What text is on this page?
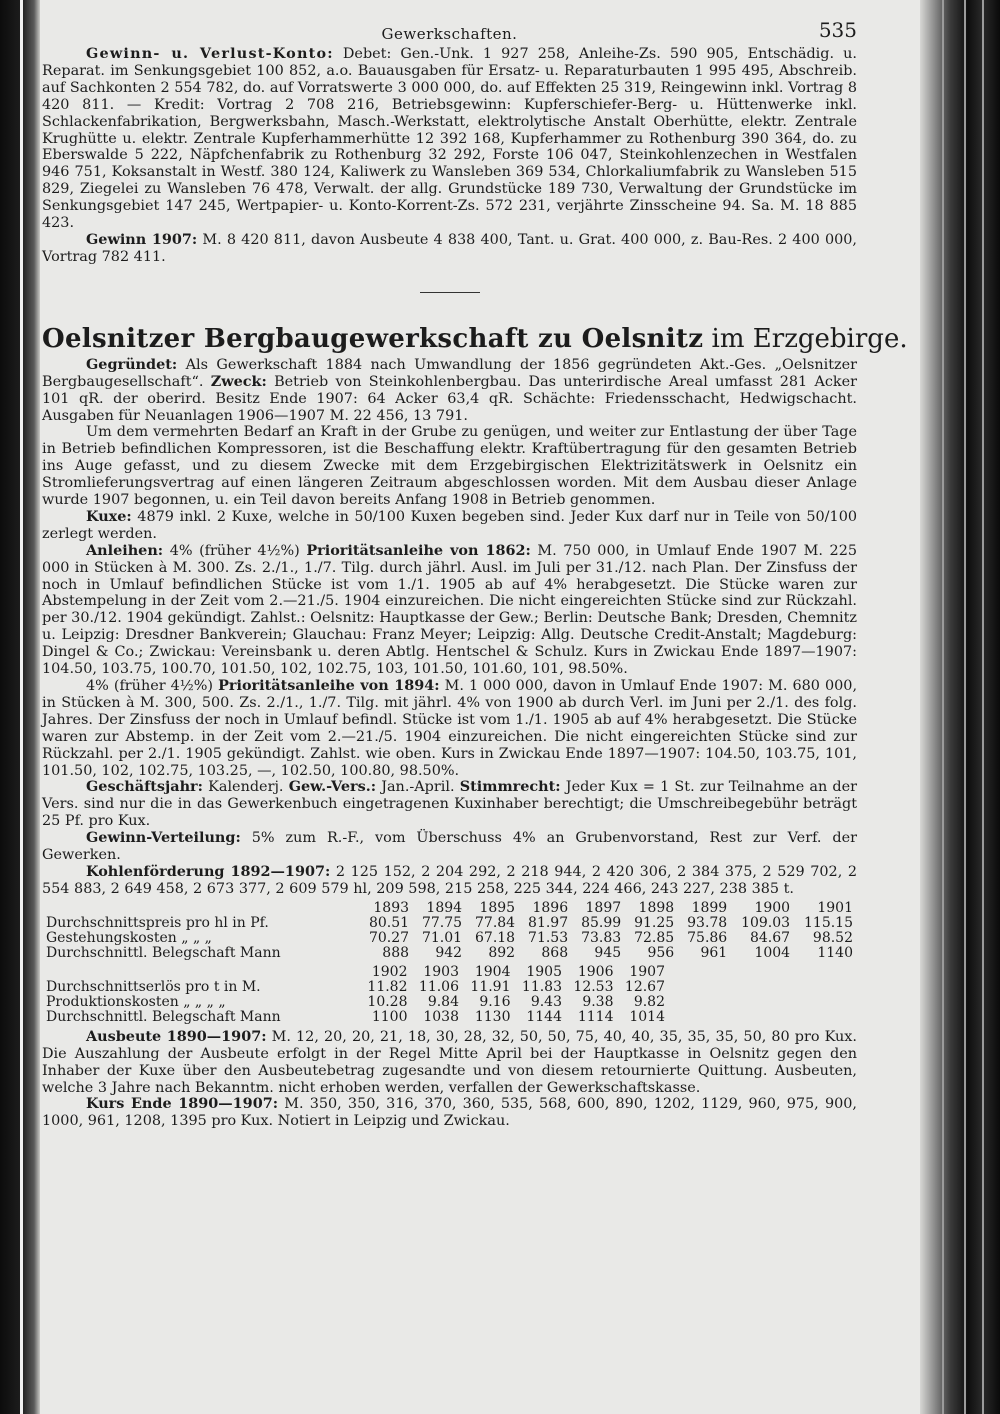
Gewerkschaften.	535

Gewinn- u. Verlust-Konto: Debet: Gen.-Unk. 1 927 258, Anleihe-Zs. 590 905, Entschädig. u. Reparat. im Senkungsgebiet 100 852, a.o. Bauausgaben für Ersatz- u. Reparaturbauten 1 995 495, Abschreib. auf Sachkonten 2 554 782, do. auf Vorratswerte 3 000 000, do. auf Effekten 25 319, Reingewinn inkl. Vortrag 8 420 811. — Kredit: Vortrag 2 708 216, Betriebsgewinn: Kupferschiefer-Berg- u. Hüttenwerke inkl. Schlackenfabrikation, Bergwerksbahn, Masch.-Werkstatt, elektrolytische Anstalt Oberhütte, elektr. Zentrale Krughütte u. elektr. Zentrale Kupferhammerhütte 12 392 168, Kupferhammer zu Rothenburg 390 364, do. zu Eberswalde 5 222, Näpfchenfabrik zu Rothenburg 32 292, Forste 106 047, Steinkohlenzechen in Westfalen 946 751, Koksanstalt in Westf. 380 124, Kaliwerk zu Wansleben 369 534, Chlorkaliumfabrik zu Wansleben 515 829, Ziegelei zu Wansleben 76 478, Verwalt. der allg. Grundstücke 189 730, Verwaltung der Grundstücke im Senkungsgebiet 147 245, Wertpapier- u. Konto-Korrent-Zs. 572 231, verjährte Zinsscheine 94. Sa. M. 18 885 423.

Gewinn 1907: M. 8 420 811, davon Ausbeute 4 838 400, Tant. u. Grat. 400 000, z. Bau-Res. 2 400 000, Vortrag 782 411.

Oelsnitzer Bergbaugewerkschaft zu Oelsnitz im Erzgebirge.

Gegründet: Als Gewerkschaft 1884 nach Umwandlung der 1856 gegründeten Akt.-Ges. „Oelsnitzer Bergbaugesellschaft“. Zweck: Betrieb von Steinkohlenbergbau. Das unterirdische Areal umfasst 281 Acker 101 qR. der oberird. Besitz Ende 1907: 64 Acker 63,4 qR. Schächte: Friedensschacht, Hedwigschacht. Ausgaben für Neuanlagen 1906—1907 M. 22 456, 13 791.

Um dem vermehrten Bedarf an Kraft in der Grube zu genügen, und weiter zur Entlastung der über Tage in Betrieb befindlichen Kompressoren, ist die Beschaffung elektr. Kraftübertragung für den gesamten Betrieb ins Auge gefasst, und zu diesem Zwecke mit dem Erzgebirgischen Elektrizitätswerk in Oelsnitz ein Stromlieferungsvertrag auf einen längeren Zeitraum abgeschlossen worden. Mit dem Ausbau dieser Anlage wurde 1907 begonnen, u. ein Teil davon bereits Anfang 1908 in Betrieb genommen.

Kuxe: 4879 inkl. 2 Kuxe, welche in 50/100 Kuxen begeben sind. Jeder Kux darf nur in Teile von 50/100 zerlegt werden.

Anleihen: 4% (früher 4½%) Prioritätsanleihe von 1862: M. 750 000, in Umlauf Ende 1907 M. 225 000 in Stücken à M. 300. Zs. 2./1., 1./7. Tilg. durch jährl. Ausl. im Juli per 31./12. nach Plan. Der Zinsfuss der noch in Umlauf befindlichen Stücke ist vom 1./1. 1905 ab auf 4% herabgesetzt. Die Stücke waren zur Abstempelung in der Zeit vom 2.—21./5. 1904 einzureichen. Die nicht eingereichten Stücke sind zur Rückzahl. per 30./12. 1904 gekündigt. Zahlst.: Oelsnitz: Hauptkasse der Gew.; Berlin: Deutsche Bank; Dresden, Chemnitz u. Leipzig: Dresdner Bankverein; Glauchau: Franz Meyer; Leipzig: Allg. Deutsche Credit-Anstalt; Magdeburg: Dingel & Co.; Zwickau: Vereinsbank u. deren Abtlg. Hentschel & Schulz. Kurs in Zwickau Ende 1897—1907: 104.50, 103.75, 100.70, 101.50, 102, 102.75, 103, 101.50, 101.60, 101, 98.50%.

4% (früher 4½%) Prioritätsanleihe von 1894: M. 1 000 000, davon in Umlauf Ende 1907: M. 680 000, in Stücken à M. 300, 500. Zs. 2./1., 1./7. Tilg. mit jährl. 4% von 1900 ab durch Verl. im Juni per 2./1. des folg. Jahres. Der Zinsfuss der noch in Umlauf befindl. Stücke ist vom 1./1. 1905 ab auf 4% herabgesetzt. Die Stücke waren zur Abstemp. in der Zeit vom 2.—21./5. 1904 einzureichen. Die nicht eingereichten Stücke sind zur Rückzahl. per 2./1. 1905 gekündigt. Zahlst. wie oben. Kurs in Zwickau Ende 1897—1907: 104.50, 103.75, 101, 101.50, 102, 102.75, 103.25, —, 102.50, 100.80, 98.50%.

Geschäftsjahr: Kalenderj. Gew.-Vers.: Jan.-April. Stimmrecht: Jeder Kux = 1 St. zur Teilnahme an der Vers. sind nur die in das Gewerkenbuch eingetragenen Kuxinhaber berechtigt; die Umschreibegebühr beträgt 25 Pf. pro Kux.

Gewinn-Verteilung: 5% zum R.-F., vom Überschuss 4% an Grubenvorstand, Rest zur Verf. der Gewerken.

Kohlenförderung 1892—1907: 2 125 152, 2 204 292, 2 218 944, 2 420 306, 2 384 375, 2 529 702, 2 554 883, 2 649 458, 2 673 377, 2 609 579 hl, 209 598, 215 258, 225 344, 224 466, 243 227, 238 385 t.

	1893	1894	1895	1896	1897	1898	1899	1900	1901
Durchschnittspreis pro hl in Pf.	80.51	77.75	77.84	81.97	85.99	91.25	93.78	109.03	115.15
Gestehungskosten „ „ „	70.27	71.01	67.18	71.53	73.83	72.85	75.86	84.67	98.52
Durchschnittl. Belegschaft Mann	888	942	892	868	945	956	961	1004	1140
	1902	1903	1904	1905	1906	1907	
Durchschnittserlös pro t in M.	11.82	11.06	11.91	11.83	12.53	12.67	
Produktionskosten „ „ „ „	10.28	9.84	9.16	9.43	9.38	9.82	
Durchschnittl. Belegschaft Mann	1100	1038	1130	1144	1114	1014	

Ausbeute 1890—1907: M. 12, 20, 20, 21, 18, 30, 28, 32, 50, 50, 75, 40, 40, 35, 35, 35, 50, 80 pro Kux. Die Auszahlung der Ausbeute erfolgt in der Regel Mitte April bei der Hauptkasse in Oelsnitz gegen den Inhaber der Kuxe über den Ausbeutebetrag zugesandte und von diesem retournierte Quittung. Ausbeuten, welche 3 Jahre nach Bekanntm. nicht erhoben werden, verfallen der Gewerkschaftskasse.

Kurs Ende 1890—1907: M. 350, 350, 316, 370, 360, 535, 568, 600, 890, 1202, 1129, 960, 975, 900, 1000, 961, 1208, 1395 pro Kux. Notiert in Leipzig und Zwickau.
